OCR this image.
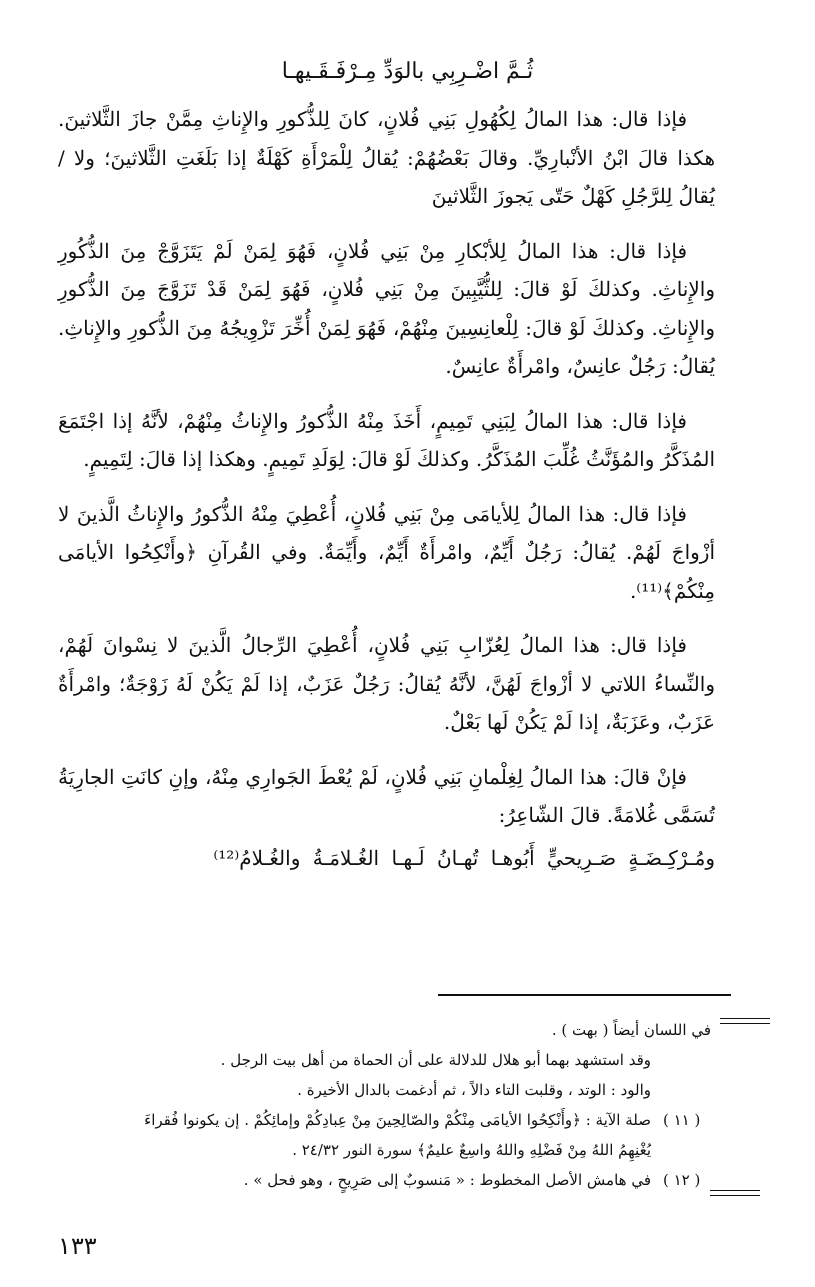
ثُـمَّ اضْـرِبِي بالوَدِّ مِـرْفَـقَـيهـا

فإذا قال: هذا المالُ لِكُهُولِ بَنِي فُلانٍ، كانَ لِلذُّكورِ والإِناثِ مِمَّنْ جازَ الثَّلاثينَ. هكذا قالَ ابْنُ الأنْبارِيِّ. وقالَ بَعْضُهُمْ: يُقالُ لِلْمَرْأَةِ كَهْلَةٌ إذا بَلَغَتِ الثَّلاثينَ؛ ولا / يُقالُ لِلرَّجُلِ كَهْلٌ حَتّى يَجوزَ الثَّلاثينَ

فإذا قال: هذا المالُ لِلأبْكارِ مِنْ بَنِي فُلانٍ، فَهُوَ لِمَنْ لَمْ يَتَزَوَّجْ مِنَ الذُّكُورِ والإِناثِ. وكذلكَ لَوْ قالَ: لِلثُّيَّبِينَ مِنْ بَنِي فُلانٍ، فَهُوَ لِمَنْ قَدْ تَزَوَّجَ مِنَ الذُّكورِ والإِناثِ. وكذلكَ لَوْ قالَ: لِلْعانِسِينَ مِنْهُمْ، فَهُوَ لِمَنْ أُخِّرَ تَزْوِيجُهُ مِنَ الذُّكورِ والإِناثِ. يُقالُ: رَجُلٌ عانِسٌ، وامْرأَةٌ عانِسٌ.

فإذا قال: هذا المالُ لِبَنِي تَمِيمٍ، أَخَذَ مِنْهُ الذُّكورُ والإِناثُ مِنْهُمْ، لأنَّهُ إذا اجْتَمَعَ المُذَكَّرُ والمُؤَنَّثُ غُلِّبَ المُذَكَّرُ. وكذلكَ لَوْ قالَ: لِوَلَدِ تَمِيمٍ. وهكذا إذا قالَ: لِتَمِيمٍ.

فإذا قال: هذا المالُ لِلأيامَى مِنْ بَنِي فُلانٍ، أُعْطِيَ مِنْهُ الذُّكورُ والإِناثُ الَّذينَ لا أزْواجَ لَهُمْ. يُقالُ: رَجُلٌ أَيِّمٌ، وامْرأَةٌ أَيِّمٌ، وأَيِّمَةٌ. وفي القُرآنِ ﴿وأَنْكِحُوا الأيامَى مِنْكُمْ﴾⁽¹¹⁾.

فإذا قال: هذا المالُ لِعُزّابِ بَنِي فُلانٍ، أُعْطِيَ الرِّجالُ الَّذينَ لا نِسْوانَ لَهُمْ، والنِّساءُ اللاتي لا أزْواجَ لَهُنَّ، لأنَّهُ يُقالُ: رَجُلٌ عَزَبٌ، إذا لَمْ يَكُنْ لَهُ زَوْجَةٌ؛ وامْرأَةٌ عَزَبٌ، وعَزَبَةٌ، إذا لَمْ يَكُنْ لَها بَعْلٌ.

فإنْ قالَ: هذا المالُ لِغِلْمانِ بَنِي فُلانٍ، لَمْ يُعْطَ الجَوارِي مِنْهُ، وإنِ كانَتِ الجارِيَةُ تُسَمَّى غُلامَةً. قالَ الشّاعِرُ:

ومُـرْكِـضَـةٍ صَـرِيحيٍّ أَبُوهـا تُهـانُ لَـهـا الغُـلامَـةُ والغُـلامُ⁽¹²⁾

في اللسان أيضاً ( بهت ) .

وقد استشهد بهما أبو هلال للدلالة على أن الحماة من أهل بيت الرجل .

والود : الوتد ، وقلبت التاء دالاً ، ثم أدغمت بالدال الأخيرة .

( ١١ )صلة الآية : ﴿وأَنْكِحُوا الأيامَى مِنْكُمْ والصّالِحِينَ مِنْ عِبادِكُمْ وإمائِكُمْ . إن يكونوا فُقراءَ

يُغْنِهِمُ اللهُ مِنْ فَضْلِهِ واللهُ واسِعٌ عليمٌ﴾ سورة النور ٢٤/٣٢ .

( ١٢ )في هامش الأصل المخطوط : « مَنسوبٌ إلى صَرِيحٍ ، وهو فحل » .

١٣٣
